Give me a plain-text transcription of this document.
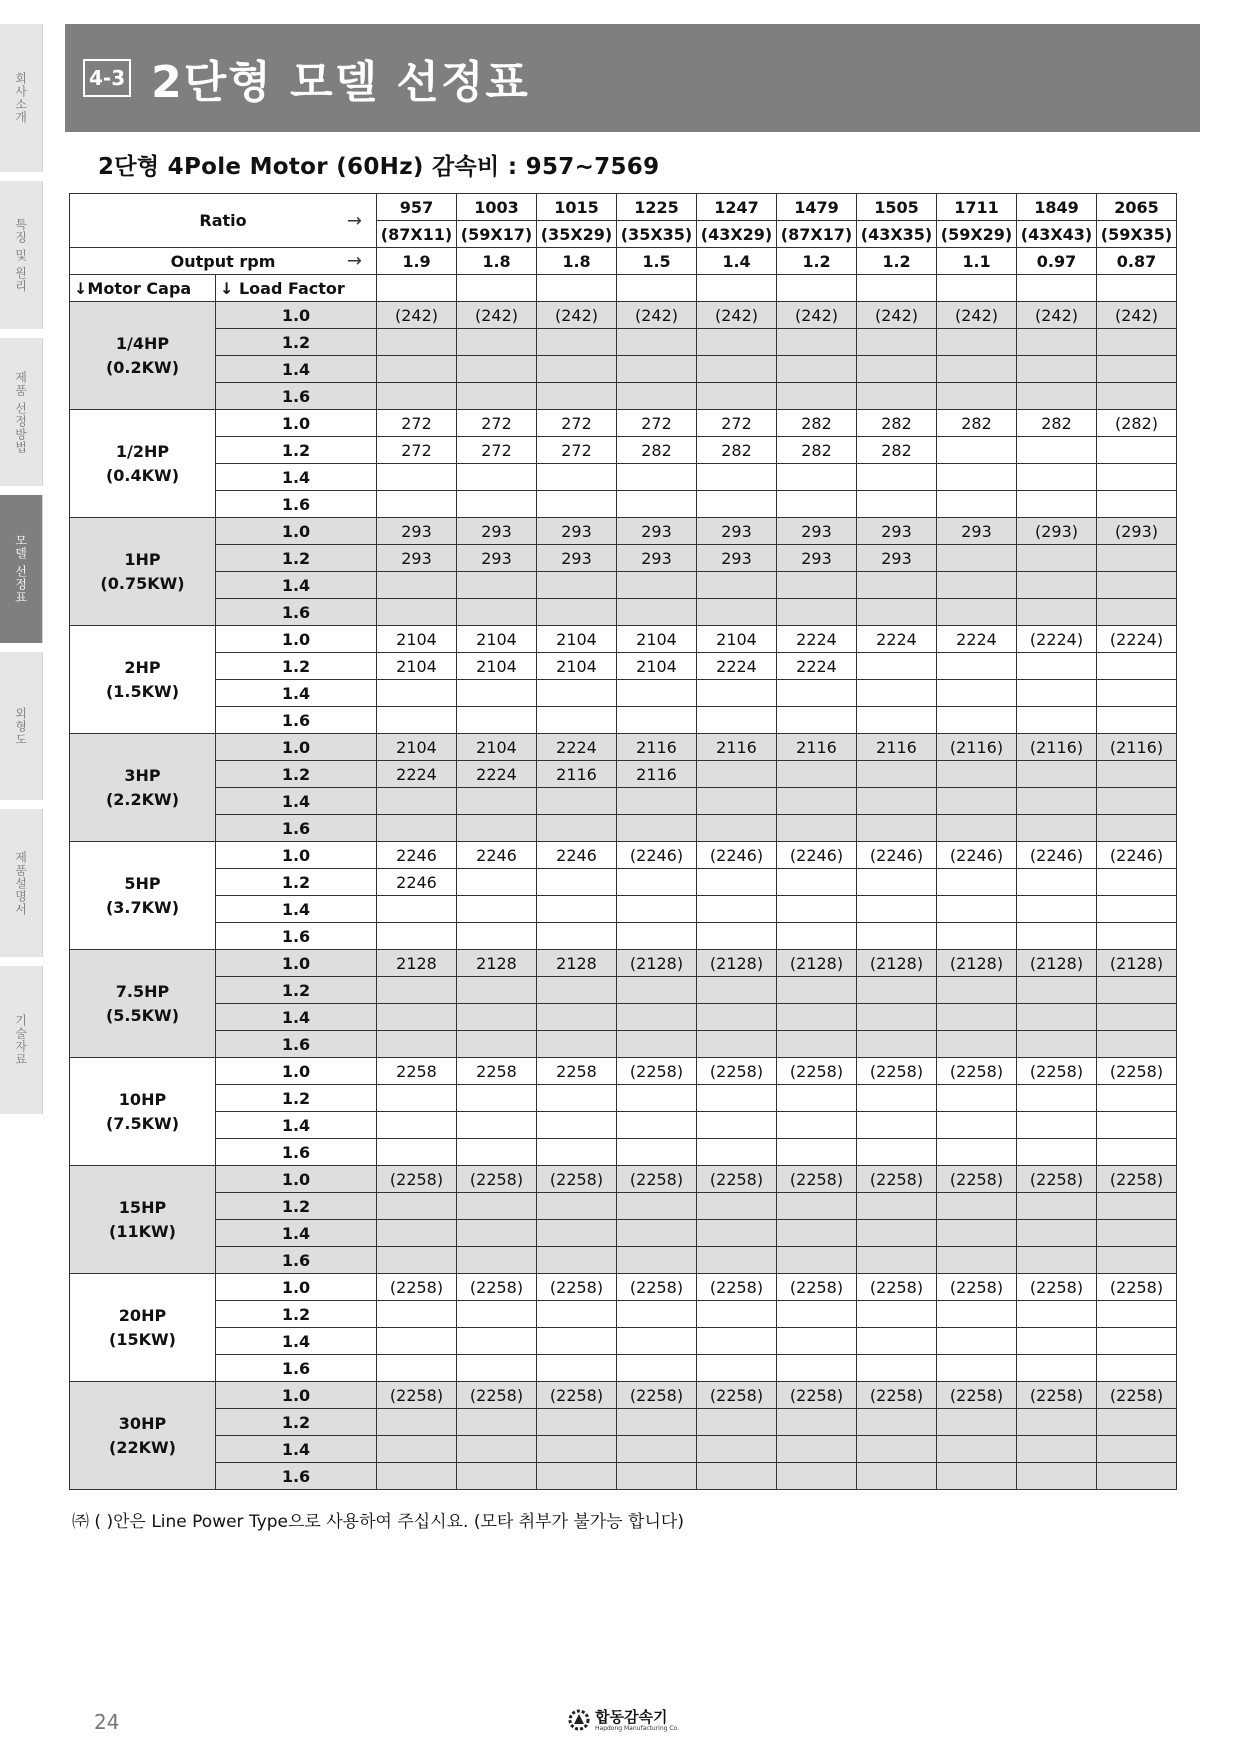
회사소개
특징 및 원리
제품 선정방법
모델 선정표
외형도
제품설명서
기술자료
4-3 2단형 모델 선정표
2단형 4Pole Motor (60Hz) 감속비 : 957~7569
Ratio →		957	1003	1015	1225	1247	1479	1505	1711	1849	2065
		(87X11)	(59X17)	(35X29)	(35X35)	(43X29)	(87X17)	(43X35)	(59X29)	(43X43)	(59X35)
Output rpm →		1.9	1.8	1.8	1.5	1.4	1.2	1.2	1.1	0.97	0.87
↓Motor Capa	↓ Load Factor										

1/4HP
(0.2KW)	1.0	(242)	(242)	(242)	(242)	(242)	(242)	(242)	(242)	(242)	(242)
	1.2										
	1.4										
	1.6										

1/2HP
(0.4KW)	1.0	272	272	272	272	272	282	282	282	282	(282)
	1.2	272	272	272	282	282	282	282			
	1.4										
	1.6										

1HP
(0.75KW)	1.0	293	293	293	293	293	293	293	293	(293)	(293)
	1.2	293	293	293	293	293	293	293			
	1.4										
	1.6										

2HP
(1.5KW)	1.0	2104	2104	2104	2104	2104	2224	2224	2224	(2224)	(2224)
	1.2	2104	2104	2104	2104	2224	2224				
	1.4										
	1.6										

3HP
(2.2KW)	1.0	2104	2104	2224	2116	2116	2116	2116	(2116)	(2116)	(2116)
	1.2	2224	2224	2116	2116						
	1.4										
	1.6										

5HP
(3.7KW)	1.0	2246	2246	2246	(2246)	(2246)	(2246)	(2246)	(2246)	(2246)	(2246)
	1.2	2246									
	1.4										
	1.6										

7.5HP
(5.5KW)	1.0	2128	2128	2128	(2128)	(2128)	(2128)	(2128)	(2128)	(2128)	(2128)
	1.2										
	1.4										
	1.6										

10HP
(7.5KW)	1.0	2258	2258	2258	(2258)	(2258)	(2258)	(2258)	(2258)	(2258)	(2258)
	1.2										
	1.4										
	1.6										

15HP
(11KW)	1.0	(2258)	(2258)	(2258)	(2258)	(2258)	(2258)	(2258)	(2258)	(2258)	(2258)
	1.2										
	1.4										
	1.6										

20HP
(15KW)	1.0	(2258)	(2258)	(2258)	(2258)	(2258)	(2258)	(2258)	(2258)	(2258)	(2258)
	1.2										
	1.4										
	1.6										

30HP
(22KW)	1.0	(2258)	(2258)	(2258)	(2258)	(2258)	(2258)	(2258)	(2258)	(2258)	(2258)
	1.2										
	1.4										
	1.6										
㈜ ( )안은 Line Power Type으로 사용하여 주십시요. (모타 취부가 불가능 합니다)
24	합동감속기
Hapdong Manufacturing Co.
